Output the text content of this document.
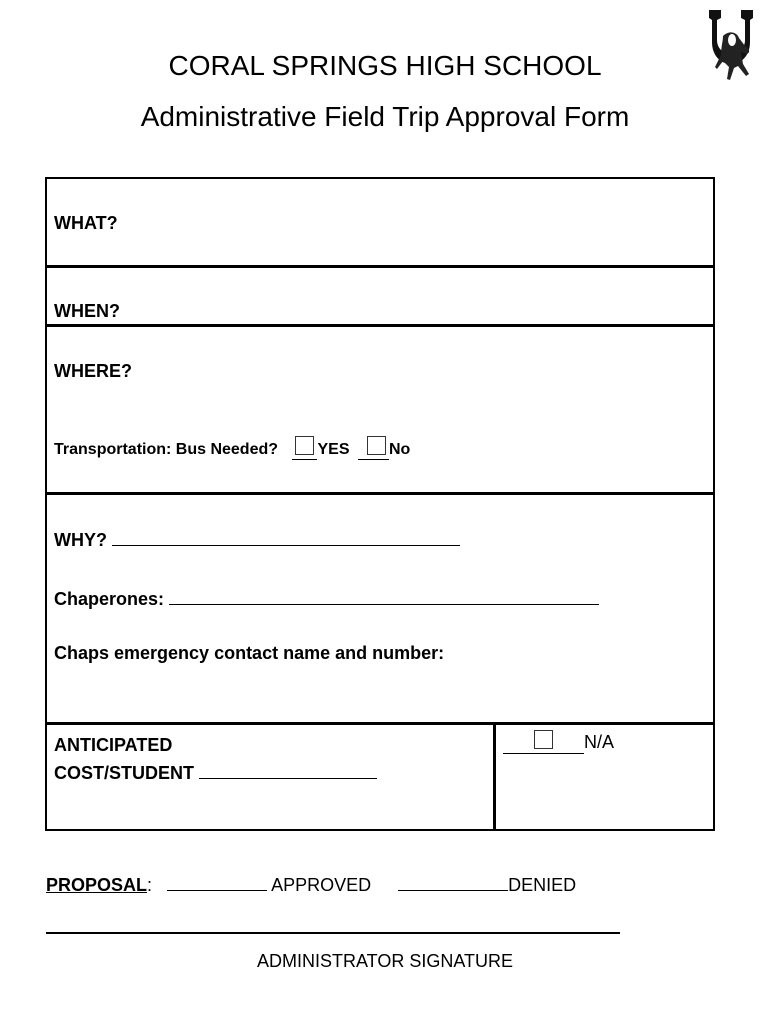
CORAL SPRINGS HIGH SCHOOL
Administrative Field Trip Approval Form
WHAT?
WHEN?
WHERE?
Transportation: Bus Needed? YES No
WHY?
Chaperones:
Chaps emergency contact name and number:
ANTICIPATED
COST/STUDENT
N/A
PROPOSAL:	APPROVED	DENIED
ADMINISTRATOR SIGNATURE
